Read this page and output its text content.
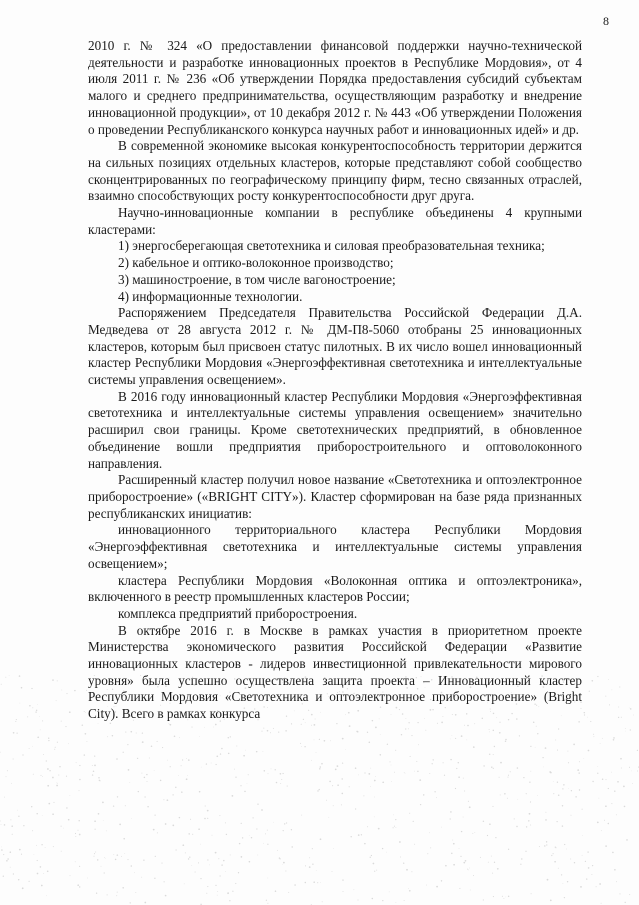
8

2010 г. № 324 «О предоставлении финансовой поддержки научно-технической деятельности и разработке инновационных проектов в Республике Мордовия», от 4 июля 2011 г. № 236 «Об утверждении Порядка предоставления субсидий субъектам малого и среднего предпринимательства, осуществляющим разработку и внедрение инновационной продукции», от 10 декабря 2012 г. № 443 «Об утверждении Положения о проведении Республиканского конкурса научных работ и инновационных идей» и др.

В современной экономике высокая конкурентоспособность территории держится на сильных позициях отдельных кластеров, которые представляют собой сообщество сконцентрированных по географическому принципу фирм, тесно связанных отраслей, взаимно способствующих росту конкурентоспособности друг друга.

Научно-инновационные компании в республике объединены 4 крупными кластерами:

1) энергосберегающая светотехника и силовая преобразовательная техника;

2) кабельное и оптико-волоконное производство;

3) машиностроение, в том числе вагоностроение;

4) информационные технологии.

Распоряжением Председателя Правительства Российской Федерации Д.А. Медведева от 28 августа 2012 г. № ДМ-П8-5060 отобраны 25 инновационных кластеров, которым был присвоен статус пилотных. В их число вошел инновационный кластер Республики Мордовия «Энергоэффективная светотехника и интеллектуальные системы управления освещением».

В 2016 году инновационный кластер Республики Мордовия «Энергоэффективная светотехника и интеллектуальные системы управления освещением» значительно расширил свои границы. Кроме светотехнических предприятий, в обновленное объединение вошли предприятия приборостроительного и оптоволоконного направления.

Расширенный кластер получил новое название «Светотехника и оптоэлектронное приборостроение» («BRIGHT CITY»). Кластер сформирован на базе ряда признанных республиканских инициатив:

инновационного территориального кластера Республики Мордовия «Энергоэффективная светотехника и интеллектуальные системы управления освещением»;

кластера Республики Мордовия «Волоконная оптика и оптоэлектроника», включенного в реестр промышленных кластеров России;

комплекса предприятий приборостроения.

В октябре 2016 г. в Москве в рамках участия в приоритетном проекте Министерства экономического развития Российской Федерации «Развитие инновационных кластеров - лидеров инвестиционной привлекательности мирового уровня» была успешно осуществлена защита проекта – Инновационный кластер Республики Мордовия «Светотехника и оптоэлектронное приборостроение» (Bright City). Всего в рамках конкурса
